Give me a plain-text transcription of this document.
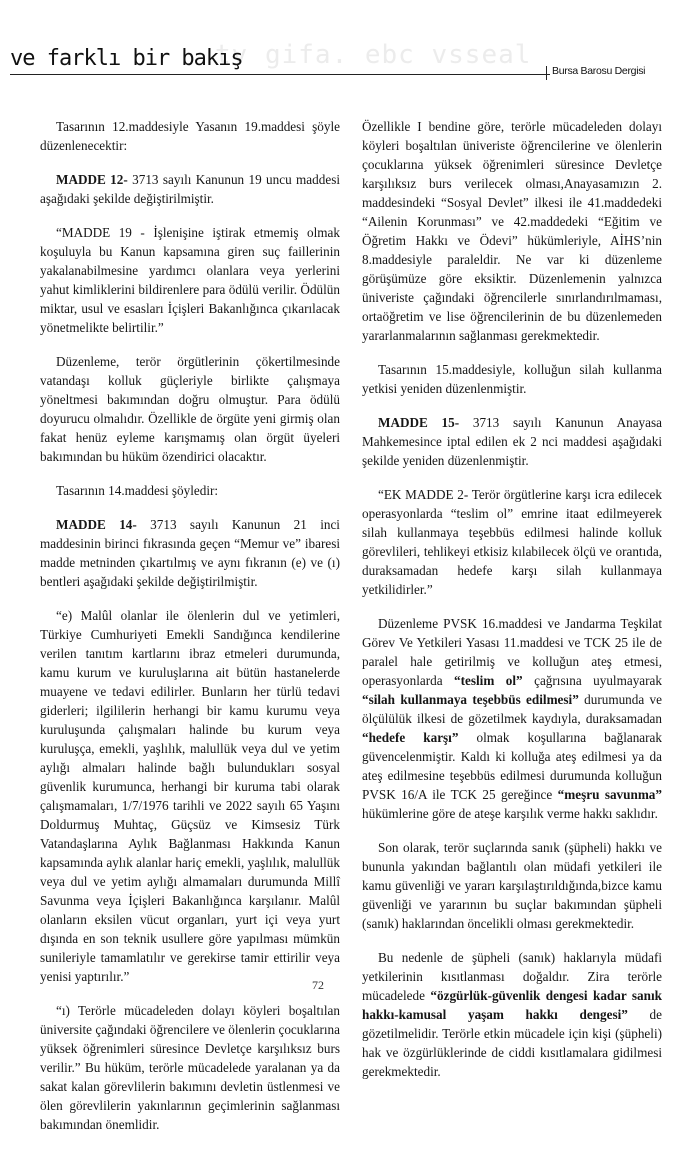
tv gifa. ebc vsseal
ve farklı bir bakış	Bursa Barosu Dergisi

Tasarının 12.maddesiyle Yasanın 19.maddesi şöyle düzenlenecektir:

MADDE 12- 3713 sayılı Kanunun 19 uncu maddesi aşağıdaki şekilde değiştirilmiştir.

“MADDE 19 - İşlenişine iştirak etmemiş olmak koşuluyla bu Kanun kapsamına giren suç faillerinin yakalanabilmesine yardımcı olanlara veya yerlerini yahut kimliklerini bildirenlere para ödülü verilir. Ödülün miktar, usul ve esasları İçişleri Bakanlığınca çıkarılacak yönetmelikte belirtilir.”

Düzenleme, terör örgütlerinin çökertilmesinde vatandaşı kolluk güçleriyle birlikte çalışmaya yöneltmesi bakımından doğru olmuştur. Para ödülü doyurucu olmalıdır. Özellikle de örgüte yeni girmiş olan fakat henüz eyleme karışmamış olan örgüt üyeleri bakımından bu hüküm özendirici olacaktır.

Tasarının 14.maddesi şöyledir:

MADDE 14- 3713 sayılı Kanunun 21 inci maddesinin birinci fıkrasında geçen “Memur ve” ibaresi madde metninden çıkartılmış ve aynı fıkranın (e) ve (ı) bentleri aşağıdaki şekilde değiştirilmiştir.

“e) Malûl olanlar ile ölenlerin dul ve yetimleri, Türkiye Cumhuriyeti Emekli Sandığınca kendilerine verilen tanıtım kartlarını ibraz etmeleri durumunda, kamu kurum ve kuruluşlarına ait bütün hastanelerde muayene ve tedavi edilirler. Bunların her türlü tedavi giderleri; ilgililerin herhangi bir kamu kurumu veya kuruluşunda çalışmaları halinde bu kurum veya kuruluşça, emekli, yaşlılık, malullük veya dul ve yetim aylığı almaları halinde bağlı bulundukları sosyal güvenlik kurumunca, herhangi bir kuruma tabi olarak çalışmamaları, 1/7/1976 tarihli ve 2022 sayılı 65 Yaşını Doldurmuş Muhtaç, Güçsüz ve Kimsesiz Türk Vatandaşlarına Aylık Bağlanması Hakkında Kanun kapsamında aylık alanlar hariç emekli, yaşlılık, malullük veya dul ve yetim aylığı almamaları durumunda Millî Savunma veya İçişleri Bakanlığınca karşılanır. Malûl olanların eksilen vücut organları, yurt içi veya yurt dışında en son teknik usullere göre yapılması mümkün sunileriyle tamamlatılır ve gerekirse tamir ettirilir veya yenisi yaptırılır.”

“ı) Terörle mücadeleden dolayı köyleri boşaltılan üniversite çağındaki öğrencilere ve ölenlerin çocuklarına yüksek öğrenimleri süresince Devletçe karşılıksız burs verilir.” Bu hüküm, terörle mücadelede yaralanan ya da sakat kalan görevlilerin bakımını devletin üstlenmesi ve ölen görevlilerin yakınlarının geçimlerinin sağlanması bakımından önemlidir.

Özellikle I bendine göre, terörle mücadeleden dolayı köyleri boşaltılan üniveriste öğrencilerine ve ölenlerin çocuklarına yüksek öğrenimleri süresince Devletçe karşılıksız burs verilecek olması,Anayasamızın 2. maddesindeki “Sosyal Devlet” ilkesi ile 41.maddedeki “Ailenin Korunması” ve 42.maddedeki “Eğitim ve Öğretim Hakkı ve Ödevi” hükümleriyle, AİHS’nin 8.maddesiyle paraleldir. Ne var ki düzenleme görüşümüze göre eksiktir. Düzenlemenin yalnızca üniveriste çağındaki öğrencilerle sınırlandırılmaması, ortaöğretim ve lise öğrencilerinin de bu düzenlemeden yararlanmalarının sağlanması gerekmektedir.

Tasarının 15.maddesiyle, kolluğun silah kullanma yetkisi yeniden düzenlenmiştir.

MADDE 15- 3713 sayılı Kanunun Anayasa Mahkemesince iptal edilen ek 2 nci maddesi aşağıdaki şekilde yeniden düzenlenmiştir.

“EK MADDE 2- Terör örgütlerine karşı icra edilecek operasyonlarda “teslim ol” emrine itaat edilmeyerek silah kullanmaya teşebbüs edilmesi halinde kolluk görevlileri, tehlikeyi etkisiz kılabilecek ölçü ve orantıda, duraksamadan hedefe karşı silah kullanmaya yetkilidirler.”

Düzenleme PVSK 16.maddesi ve Jandarma Teşkilat Görev Ve Yetkileri Yasası 11.maddesi ve TCK 25 ile de paralel hale getirilmiş ve kolluğun ateş etmesi, operasyonlarda “teslim ol” çağrısına uyulmayarak “silah kullanmaya teşebbüs edilmesi” durumunda ve ölçülülük ilkesi de gözetilmek kaydıyla, duraksamadan “hedefe karşı” olmak koşullarına bağlanarak güvencelenmiştir. Kaldı ki kolluğa ateş edilmesi ya da ateş edilmesine teşebbüs edilmesi durumunda kolluğun PVSK 16/A ile TCK 25 gereğince “meşru savunma” hükümlerine göre de ateşe karşılık verme hakkı saklıdır.

Son olarak, terör suçlarında sanık (şüpheli) hakkı ve bununla yakından bağlantılı olan müdafi yetkileri ile kamu güvenliği ve yararı karşılaştırıldığında,bizce kamu güvenliği ve yararının bu suçlar bakımından şüpheli (sanık) haklarından öncelikli olması gerekmektedir.

Bu nedenle de şüpheli (sanık) haklarıyla müdafi yetkilerinin kısıtlanması doğaldır. Zira terörle mücadelede “özgürlük-güvenlik dengesi kadar sanık hakkı-kamusal yaşam hakkı dengesi” de gözetilmelidir. Terörle etkin mücadele için kişi (şüpheli) hak ve özgürlüklerinde de ciddi kısıtlamalara gidilmesi gerekmektedir.

72
